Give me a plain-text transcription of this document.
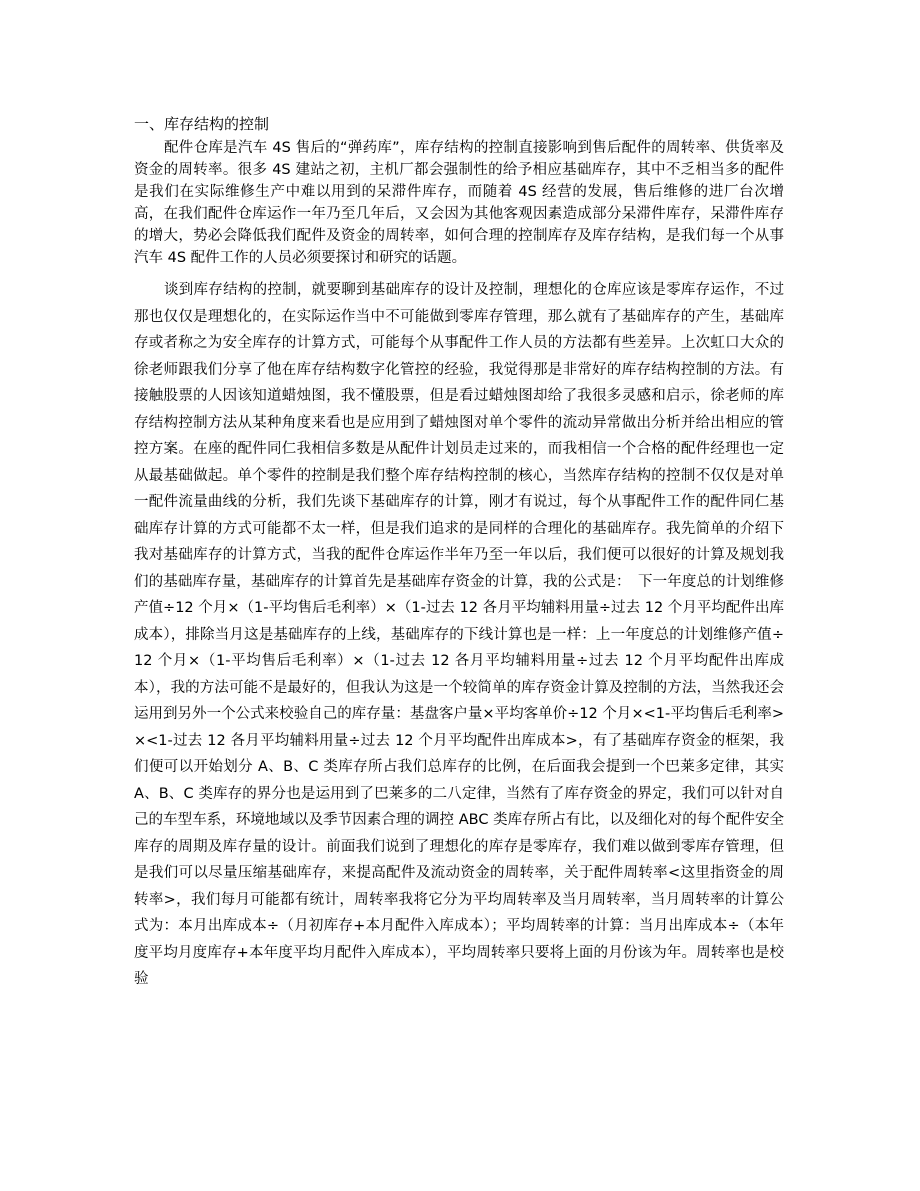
一、库存结构的控制

配件仓库是汽车 4S 售后的“弹药库”，库存结构的控制直接影响到售后配件的周转率、供货率及资金的周转率。很多 4S 建站之初，主机厂都会强制性的给予相应基础库存，其中不乏相当多的配件是我们在实际维修生产中难以用到的呆滞件库存，而随着 4S 经营的发展，售后维修的进厂台次增高，在我们配件仓库运作一年乃至几年后，又会因为其他客观因素造成部分呆滞件库存，呆滞件库存的增大，势必会降低我们配件及资金的周转率，如何合理的控制库存及库存结构，是我们每一个从事汽车 4S 配件工作的人员必须要探讨和研究的话题。

谈到库存结构的控制，就要聊到基础库存的设计及控制，理想化的仓库应该是零库存运作，不过那也仅仅是理想化的，在实际运作当中不可能做到零库存管理，那么就有了基础库存的产生，基础库存或者称之为安全库存的计算方式，可能每个从事配件工作人员的方法都有些差异。上次虹口大众的徐老师跟我们分享了他在库存结构数字化管控的经验，我觉得那是非常好的库存结构控制的方法。有接触股票的人因该知道蜡烛图，我不懂股票，但是看过蜡烛图却给了我很多灵感和启示，徐老师的库存结构控制方法从某种角度来看也是应用到了蜡烛图对单个零件的流动异常做出分析并给出相应的管控方案。在座的配件同仁我相信多数是从配件计划员走过来的，而我相信一个合格的配件经理也一定从最基础做起。单个零件的控制是我们整个库存结构控制的核心，当然库存结构的控制不仅仅是对单一配件流量曲线的分析，我们先谈下基础库存的计算，刚才有说过，每个从事配件工作的配件同仁基础库存计算的方式可能都不太一样，但是我们追求的是同样的合理化的基础库存。我先简单的介绍下我对基础库存的计算方式，当我的配件仓库运作半年乃至一年以后，我们便可以很好的计算及规划我们的基础库存量，基础库存的计算首先是基础库存资金的计算，我的公式是：　下一年度总的计划维修产值÷12 个月×（1-平均售后毛利率）×（1-过去 12 各月平均辅料用量÷过去 12 个月平均配件出库成本），排除当月这是基础库存的上线，基础库存的下线计算也是一样：上一年度总的计划维修产值÷12 个月×（1-平均售后毛利率）×（1-过去 12 各月平均辅料用量÷过去 12 个月平均配件出库成本），我的方法可能不是最好的，但我认为这是一个较简单的库存资金计算及控制的方法，当然我还会运用到另外一个公式来校验自己的库存量：基盘客户量×平均客单价÷12 个月×<1-平均售后毛利率>×<1-过去 12 各月平均辅料用量÷过去 12 个月平均配件出库成本>，有了基础库存资金的框架，我们便可以开始划分 A、B、C 类库存所占我们总库存的比例，在后面我会提到一个巴莱多定律，其实 A、B、C 类库存的界分也是运用到了巴莱多的二八定律，当然有了库存资金的界定，我们可以针对自己的车型车系，环境地域以及季节因素合理的调控 ABC 类库存所占有比，以及细化对的每个配件安全库存的周期及库存量的设计。前面我们说到了理想化的库存是零库存，我们难以做到零库存管理，但是我们可以尽量压缩基础库存，来提高配件及流动资金的周转率，关于配件周转率<这里指资金的周转率>，我们每月可能都有统计，周转率我将它分为平均周转率及当月周转率，当月周转率的计算公式为：本月出库成本÷（月初库存+本月配件入库成本）；平均周转率的计算：当月出库成本÷（本年度平均月度库存+本年度平均月配件入库成本），平均周转率只要将上面的月份该为年。周转率也是校验
